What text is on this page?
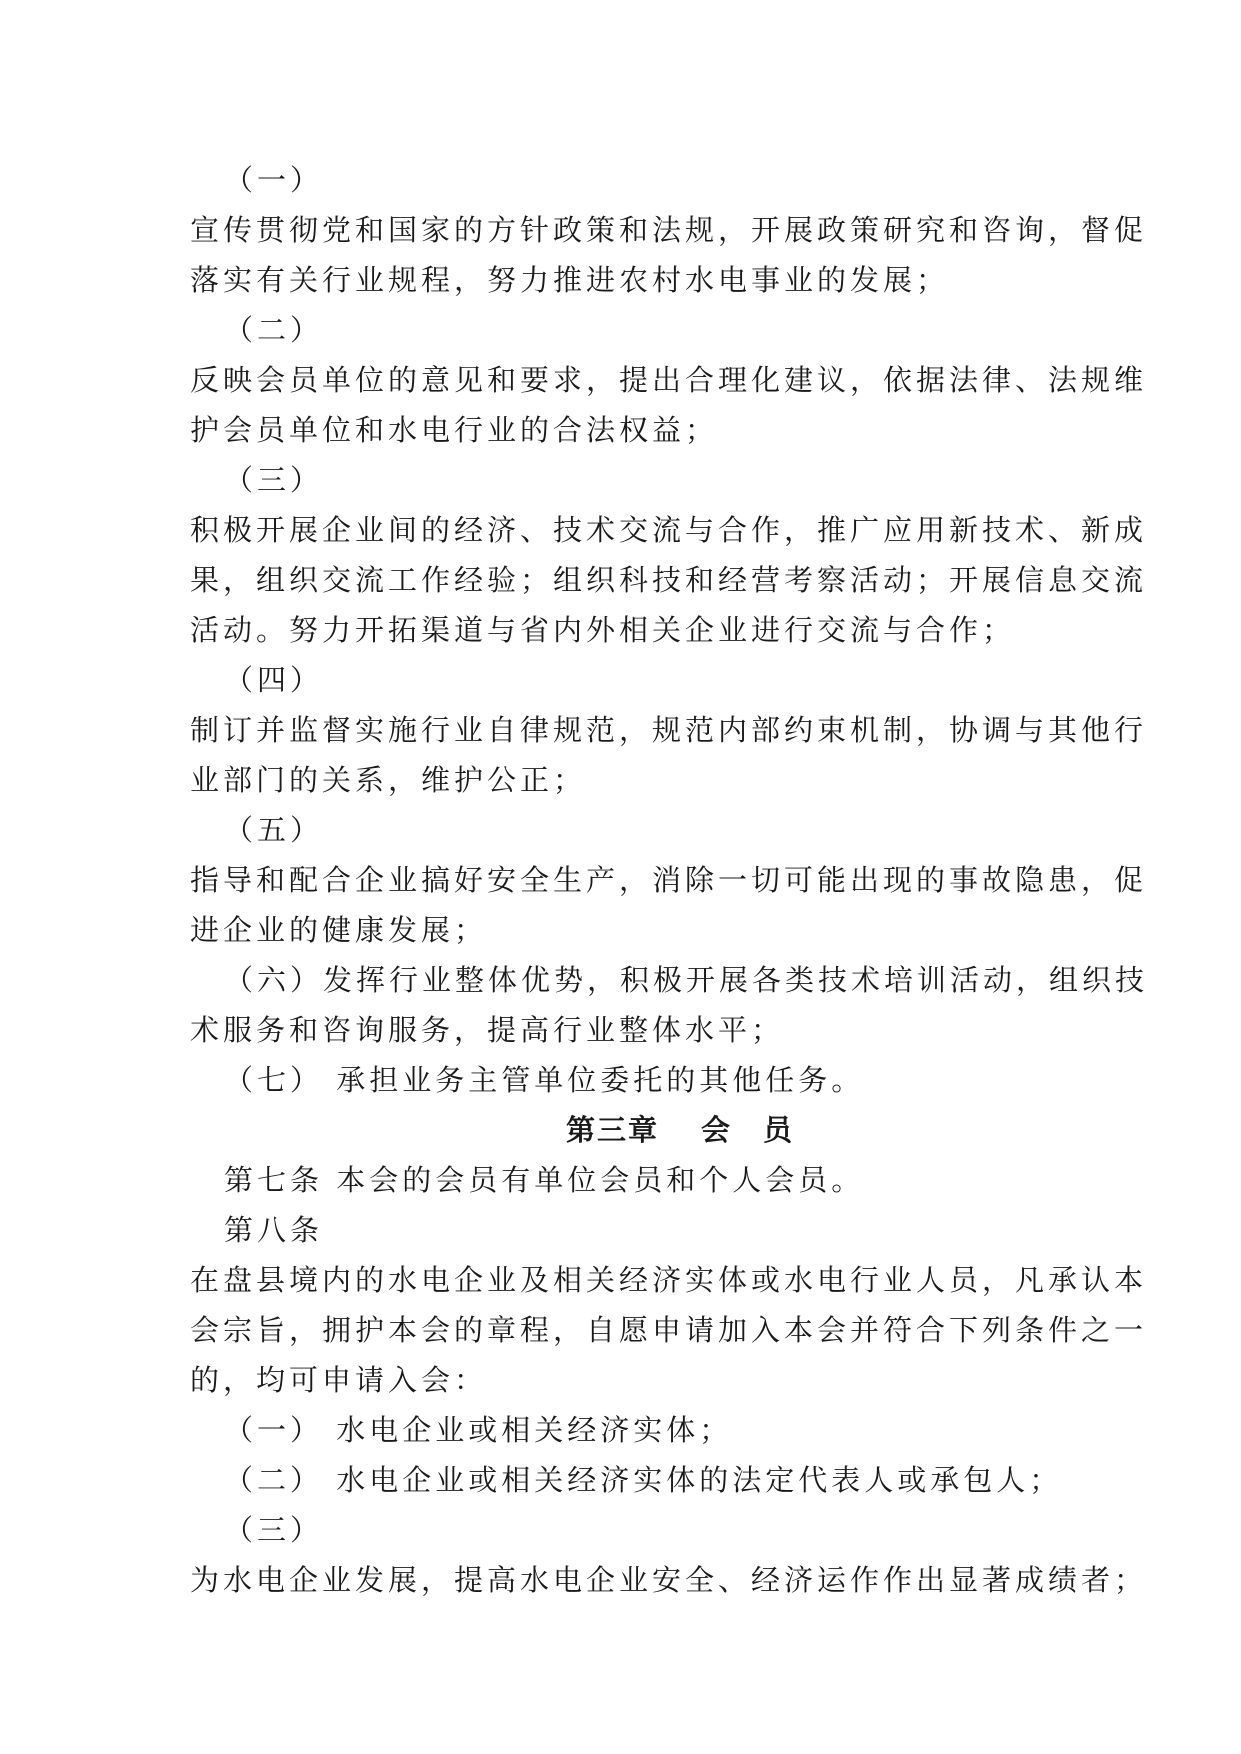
（一）
宣传贯彻党和国家的方针政策和法规，开展政策研究和咨询，督促
落实有关行业规程，努力推进农村水电事业的发展；
（二）
反映会员单位的意见和要求，提出合理化建议，依据法律、法规维
护会员单位和水电行业的合法权益；
（三）
积极开展企业间的经济、技术交流与合作，推广应用新技术、新成
果，组织交流工作经验；组织科技和经营考察活动；开展信息交流
活动。努力开拓渠道与省内外相关企业进行交流与合作；
（四）
制订并监督实施行业自律规范，规范内部约束机制，协调与其他行
业部门的关系，维护公正；
（五）
指导和配合企业搞好安全生产，消除一切可能出现的事故隐患，促
进企业的健康发展；
（六）发挥行业整体优势，积极开展各类技术培训活动，组织技
术服务和咨询服务，提高行业整体水平；
（七） 承担业务主管单位委托的其他任务。
第三章 会　员
第七条 本会的会员有单位会员和个人会员。
第八条
在盘县境内的水电企业及相关经济实体或水电行业人员，凡承认本
会宗旨，拥护本会的章程，自愿申请加入本会并符合下列条件之一
的，均可申请入会：
（一） 水电企业或相关经济实体；
（二） 水电企业或相关经济实体的法定代表人或承包人；
（三）
为水电企业发展，提高水电企业安全、经济运作作出显著成绩者；
